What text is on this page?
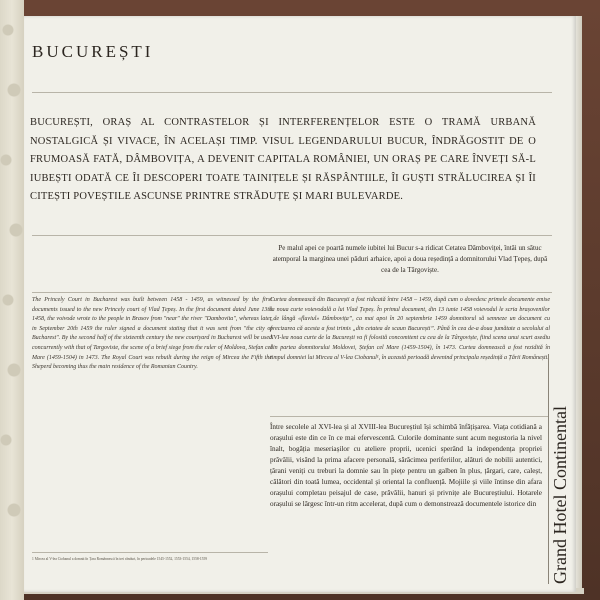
BUCUREȘTI
BUCUREȘTI, ORAȘ AL CONTRASTELOR ȘI INTERFERENȚELOR ESTE O TRAMĂ URBANĂ NOSTALGICĂ ȘI VIVACE, ÎN ACELAȘI TIMP. VISUL LEGENDARULUI BUCUR, ÎNDRĂGOSTIT DE O FRUMOASĂ FATĂ, DÂMBOVIȚA, A DEVENIT CAPITALA ROMÂNIEI, UN ORAȘ PE CARE ÎNVEȚI SĂ-L IUBEȘTI ODATĂ CE ÎI DESCOPERI TOATE TAINIȚELE ȘI RĂSPÂNTIILE, ÎI GUȘTI STRĂLUCIREA ȘI ÎI CITEȘTI POVEȘTILE ASCUNSE PRINTRE STRĂDUȚE ȘI MARI BULEVARDE.
Pe malul apei ce poartă numele iubitei lui Bucur s-a ridicat Cetatea Dâmboviței, întâi un sătuc atemporal la marginea unei păduri arhaice, apoi a doua reședință a domnitorului Vlad Țepeș, după cea de la Târgoviște.
The Princely Court in Bucharest was built between 1458 - 1459, as witnessed by the first documents issued to the new Princely court of Vlad Țepeș. In the first document dated June 13th 1458, the voivode wrote to the people in Brasov from "near" the river "Dambovita", whereas later in September 20th 1459 the ruler signed a document stating that it was sent from "the city of Bucharest". By the second half of the sixteenth century the new courtyard in Bucharest will be used concurrently with that of Targoviste, the scene of a brief siege from the ruler of Moldova, Stefan cel Mare (1459-1504) in 1473. The Royal Court was rebuilt during the reign of Mircea the Fifth the Sheperd becoming thus the main residence of the Romanian Country.
Curtea domnească din București a fost ridicată între 1458 – 1459, după cum o dovedesc primele documente emise la noua curte voievodală a lui Vlad Țepeș. În primul document, din 13 iunie 1458 voievodul le scria brașovenilor „de lângă «fluviul» Dâmbovița”, ca mai apoi în 20 septembrie 1459 domnitorul să semneze un document cu precizarea că acesta a fost trimis „din cetatea de scaun București”. Până în cea de-a doua jumătate a secolului al XVI-lea noua curte de la București va fi folosită concomitent cu cea de la Târgoviște, fiind scena unui scurt asediu din partea domnitorului Moldovei, Ștefan cel Mare (1459-1504), în 1473. Curtea domnească a fost rezidită în timpul domniei lui Mircea al V-lea Ciobanul¹, în această perioadă devenind principala reședință a Țării Românești.
Între secolele al XVI-lea și al XVIII-lea Bucureștiul își schimbă înfățișarea. Viața cotidiană a orașului este din ce în ce mai efervescentă. Culorile dominante sunt acum negustoria la nivel înalt, bogăția meseriașilor cu ateliere proprii, ucenici sperând la independența propriei prăvălii, visând la prima afacere personală, sărăcimea periferiilor, alături de nobilii autentici, țărani veniți cu treburi la domnie sau în piețe pentru un galben în plus, țărgari, care, caleșt, călători din toată lumea, occidental și oriental la confluență. Mojiile și viile întinse din afara orașului completau peisajul de case, prăvălii, hanuri și privnițe ale Bucureștiului. Hotarele orașului se lărgesc într-un ritm accelerat, după cum o demonstrează documentele istorice din Grand Hotel Continental
1 Mircea al V-lea Ciobanul a domnit în Țara Românească în trei rânduri, în perioadele 1545-1552, 1553-1554, 1558-1559
